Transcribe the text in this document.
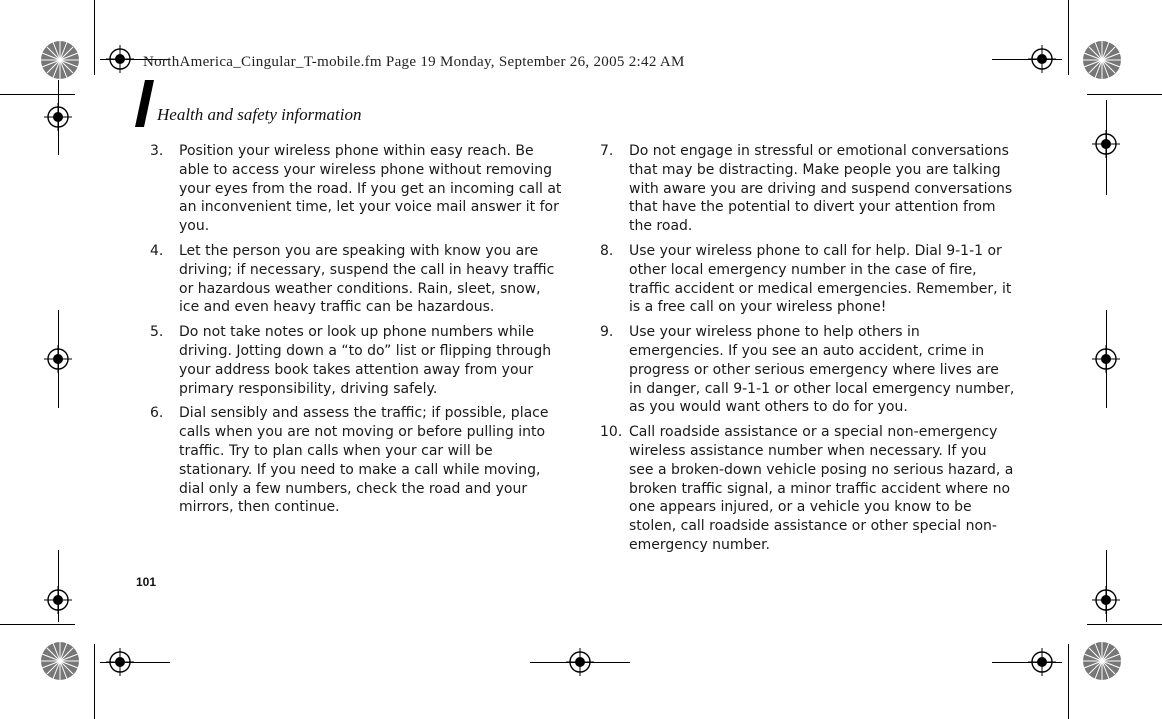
NorthAmerica_Cingular_T-mobile.fm Page 19 Monday, September 26, 2005 2:42 AM

Health and safety information
3. Position your wireless phone within easy reach. Be able to access your wireless phone without removing your eyes from the road. If you get an incoming call at an inconvenient time, let your voice mail answer it for you.
4. Let the person you are speaking with know you are driving; if necessary, suspend the call in heavy traffic or hazardous weather conditions. Rain, sleet, snow, ice and even heavy traffic can be hazardous.
5. Do not take notes or look up phone numbers while driving. Jotting down a “to do” list or flipping through your address book takes attention away from your primary responsibility, driving safely.
6. Dial sensibly and assess the traffic; if possible, place calls when you are not moving or before pulling into traffic. Try to plan calls when your car will be stationary. If you need to make a call while moving, dial only a few numbers, check the road and your mirrors, then continue.
7. Do not engage in stressful or emotional conversations that may be distracting. Make people you are talking with aware you are driving and suspend conversations that have the potential to divert your attention from the road.
8. Use your wireless phone to call for help. Dial 9-1-1 or other local emergency number in the case of fire, traffic accident or medical emergencies. Remember, it is a free call on your wireless phone!
9. Use your wireless phone to help others in emergencies. If you see an auto accident, crime in progress or other serious emergency where lives are in danger, call 9-1-1 or other local emergency number, as you would want others to do for you.
10. Call roadside assistance or a special non-emergency wireless assistance number when necessary. If you see a broken-down vehicle posing no serious hazard, a broken traffic signal, a minor traffic accident where no one appears injured, or a vehicle you know to be stolen, call roadside assistance or other special non-emergency number.

101
